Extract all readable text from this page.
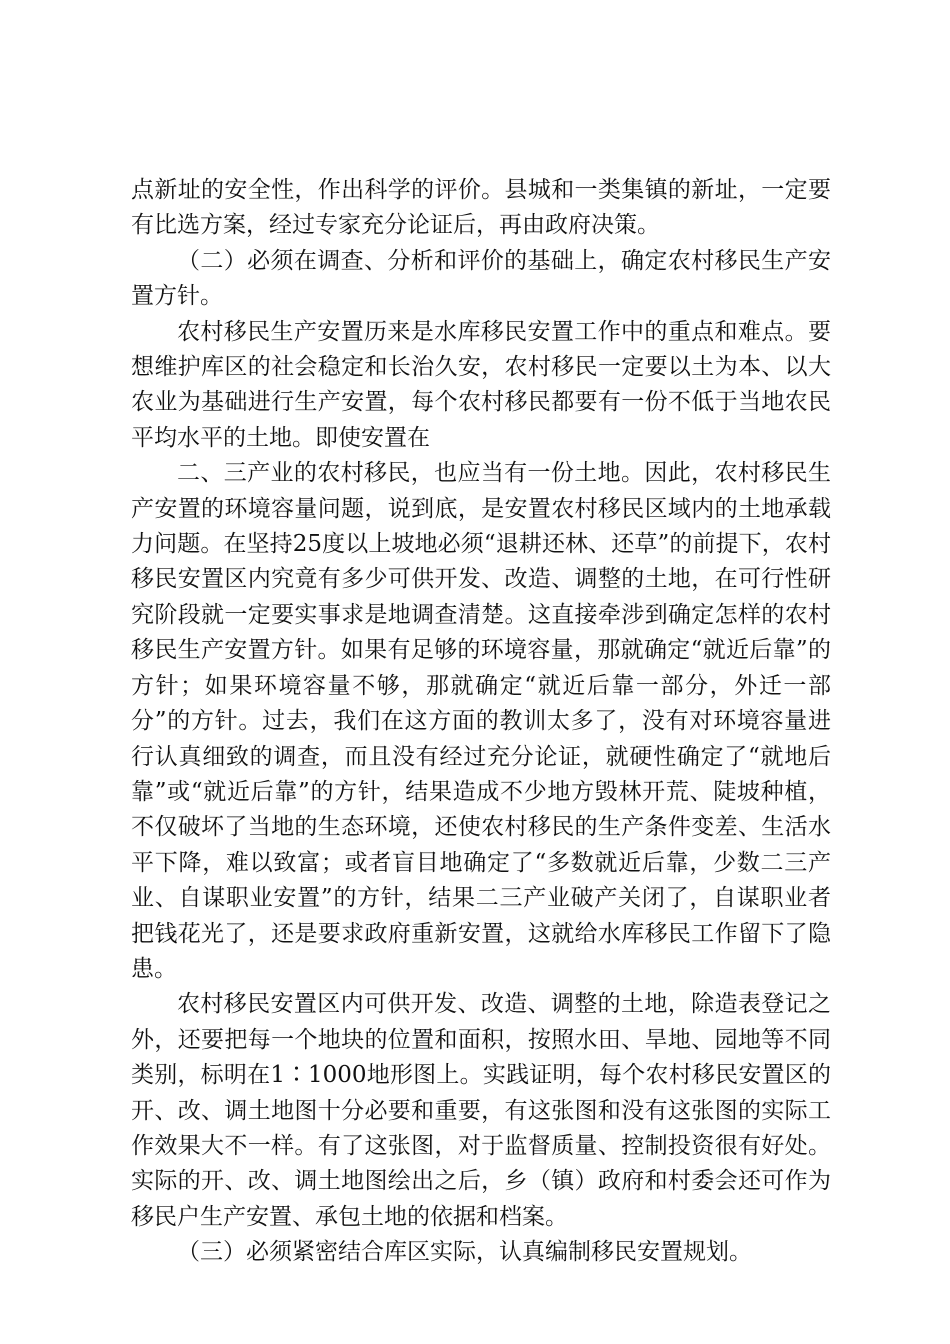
点新址的安全性，作出科学的评价。县城和一类集镇的新址，一定要有比选方案，经过专家充分论证后，再由政府决策。

（二）必须在调查、分析和评价的基础上，确定农村移民生产安置方针。

农村移民生产安置历来是水库移民安置工作中的重点和难点。要想维护库区的社会稳定和长治久安，农村移民一定要以土为本、以大农业为基础进行生产安置，每个农村移民都要有一份不低于当地农民平均水平的土地。即使安置在

二、三产业的农村移民，也应当有一份土地。因此，农村移民生产安置的环境容量问题，说到底，是安置农村移民区域内的土地承载力问题。在坚持25度以上坡地必须“退耕还林、还草”的前提下，农村移民安置区内究竟有多少可供开发、改造、调整的土地，在可行性研究阶段就一定要实事求是地调查清楚。这直接牵涉到确定怎样的农村移民生产安置方针。如果有足够的环境容量，那就确定“就近后靠”的方针；如果环境容量不够，那就确定“就近后靠一部分，外迁一部分”的方针。过去，我们在这方面的教训太多了，没有对环境容量进行认真细致的调查，而且没有经过充分论证，就硬性确定了“就地后靠”或“就近后靠”的方针，结果造成不少地方毁林开荒、陡坡种植，不仅破坏了当地的生态环境，还使农村移民的生产条件变差、生活水平下降，难以致富；或者盲目地确定了“多数就近后靠，少数二三产业、自谋职业安置”的方针，结果二三产业破产关闭了，自谋职业者把钱花光了，还是要求政府重新安置，这就给水库移民工作留下了隐患。

农村移民安置区内可供开发、改造、调整的土地，除造表登记之外，还要把每一个地块的位置和面积，按照水田、旱地、园地等不同类别，标明在1∶1000地形图上。实践证明，每个农村移民安置区的开、改、调土地图十分必要和重要，有这张图和没有这张图的实际工作效果大不一样。有了这张图，对于监督质量、控制投资很有好处。实际的开、改、调土地图绘出之后，乡（镇）政府和村委会还可作为移民户生产安置、承包土地的依据和档案。

（三）必须紧密结合库区实际，认真编制移民安置规划。
